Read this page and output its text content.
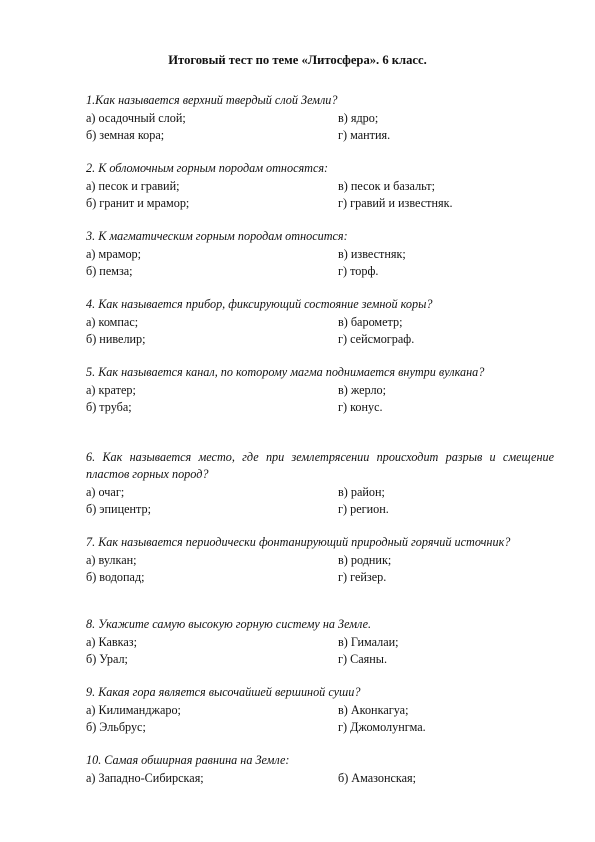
Итоговый тест по теме «Литосфера». 6 класс.
1.Как называется верхний твердый слой Земли?
а) осадочный слой;	в) ядро;
б) земная кора;	г) мантия.
2. К обломочным горным породам относятся:
а) песок и гравий;	в) песок и базальт;
б) гранит и мрамор;	г) гравий и известняк.
3. К магматическим горным породам относится:
а) мрамор;	в) известняк;
б) пемза;	г) торф.
4. Как называется прибор, фиксирующий состояние земной коры?
а) компас;	в) барометр;
б) нивелир;	г) сейсмограф.
5. Как называется канал, по которому магма поднимается внутри вулкана?
а) кратер;	в) жерло;
б) труба;	г) конус.
6. Как называется место, где при землетрясении происходит разрыв и смещение пластов горных пород?
а) очаг;	в) район;
б) эпицентр;	г) регион.
7. Как называется периодически фонтанирующий природный горячий источник?
а) вулкан;	в) родник;
б) водопад;	г) гейзер.
8. Укажите самую высокую горную систему на Земле.
а) Кавказ;	в) Гималаи;
б) Урал;	г) Саяны.
9. Какая гора является высочайшей вершиной суши?
а) Килиманджаро;	в) Аконкагуа;
б) Эльбрус;	г) Джомолунгма.
10. Самая обширная равнина на Земле:
а) Западно-Сибирская;	б) Амазонская;
